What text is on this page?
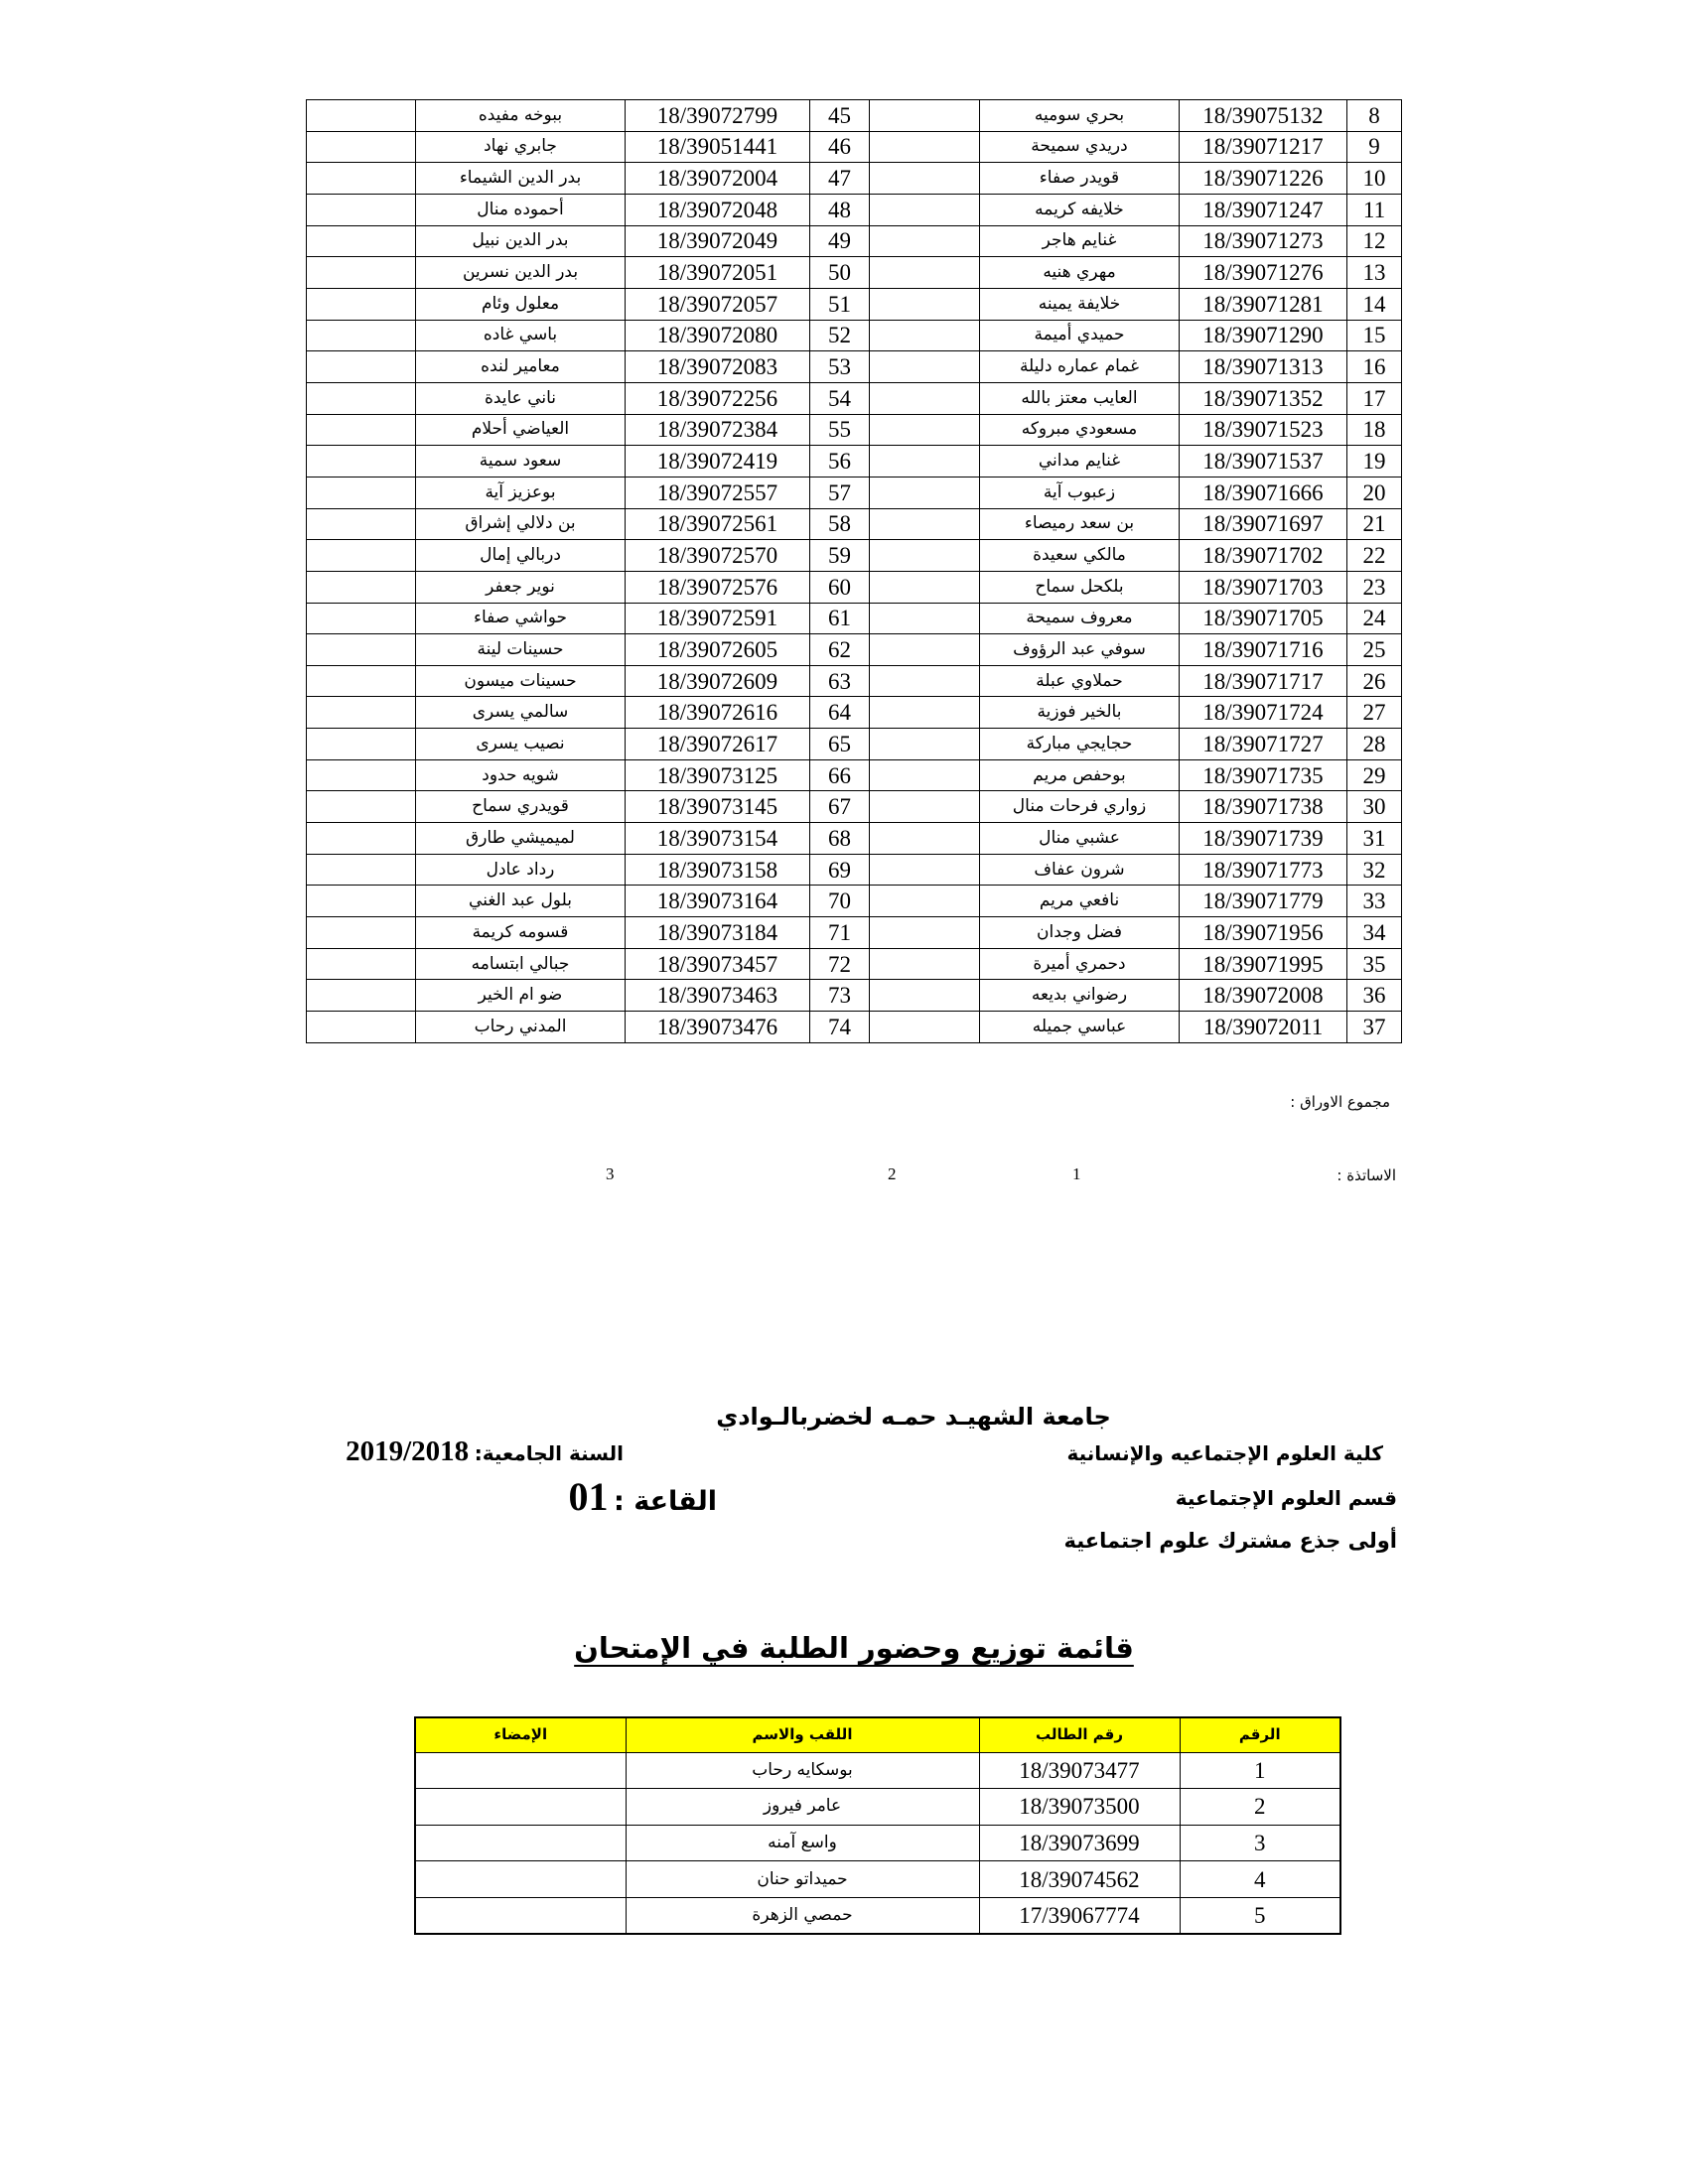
	ببوخه مفيده	18/39072799	45		بحري سوميه	18/39075132	8
	جابري نهاد	18/39051441	46		دريدي سميحة	18/39071217	9
	بدر الدين الشيماء	18/39072004	47		قويدر صفاء	18/39071226	10
	أحموده منال	18/39072048	48		خلايفه كريمه	18/39071247	11
	بدر الدين نبيل	18/39072049	49		غنايم هاجر	18/39071273	12
	بدر الدين نسرين	18/39072051	50		مهري هنيه	18/39071276	13
	معلول وئام	18/39072057	51		خلايفة يمينه	18/39071281	14
	باسي غاده	18/39072080	52		حميدي أميمة	18/39071290	15
	معامير لنده	18/39072083	53		غمام عماره دليلة	18/39071313	16
	ناني عايدة	18/39072256	54		العايب معتز بالله	18/39071352	17
	العياضي أحلام	18/39072384	55		مسعودي مبروكه	18/39071523	18
	سعود سمية	18/39072419	56		غنايم مداني	18/39071537	19
	بوعزيز آية	18/39072557	57		زعبوب آية	18/39071666	20
	بن دلالي إشراق	18/39072561	58		بن سعد رميصاء	18/39071697	21
	دربالي إمال	18/39072570	59		مالكي سعيدة	18/39071702	22
	نوير جعفر	18/39072576	60		بلكحل سماح	18/39071703	23
	حواشي صفاء	18/39072591	61		معروف سميحة	18/39071705	24
	حسينات لينة	18/39072605	62		سوفي عبد الرؤوف	18/39071716	25
	حسينات ميسون	18/39072609	63		حملاوي عبلة	18/39071717	26
	سالمي يسرى	18/39072616	64		بالخير فوزية	18/39071724	27
	نصيب يسرى	18/39072617	65		حجايجي مباركة	18/39071727	28
	شويه حدود	18/39073125	66		بوحفص مريم	18/39071735	29
	قويدري سماح	18/39073145	67		زواري فرحات منال	18/39071738	30
	لميميشي طارق	18/39073154	68		عشبي منال	18/39071739	31
	رداد عادل	18/39073158	69		شرون عفاف	18/39071773	32
	بلول عبد الغني	18/39073164	70		نافعي مريم	18/39071779	33
	قسومه كريمة	18/39073184	71		فضل وجدان	18/39071956	34
	جبالي ابتسامه	18/39073457	72		دحمري أميرة	18/39071995	35
	ضو ام الخير	18/39073463	73		رضواني بديعه	18/39072008	36
	المدني رحاب	18/39073476	74		عباسي جميله	18/39072011	37
مجموع الاوراق :
الاساتذة :
1
2
3
جامعة الشهيـد حمـه لخضربالـوادي
كلية العلوم الإجتماعيه والإنسانية
السنة الجامعية: 2019/2018
قسم العلوم الإجتماعية
القاعة : 01
أولى جذع مشترك علوم اجتماعية
قائمة توزيع وحضور الطلبة في الإمتحان
الإمضاء	اللقب والاسم	رقم الطالب	الرقم
	بوسكايه رحاب	18/39073477	1
	عامر فيروز	18/39073500	2
	واسع آمنه	18/39073699	3
	حميداتو حنان	18/39074562	4
	حمصي الزهرة	17/39067774	5
